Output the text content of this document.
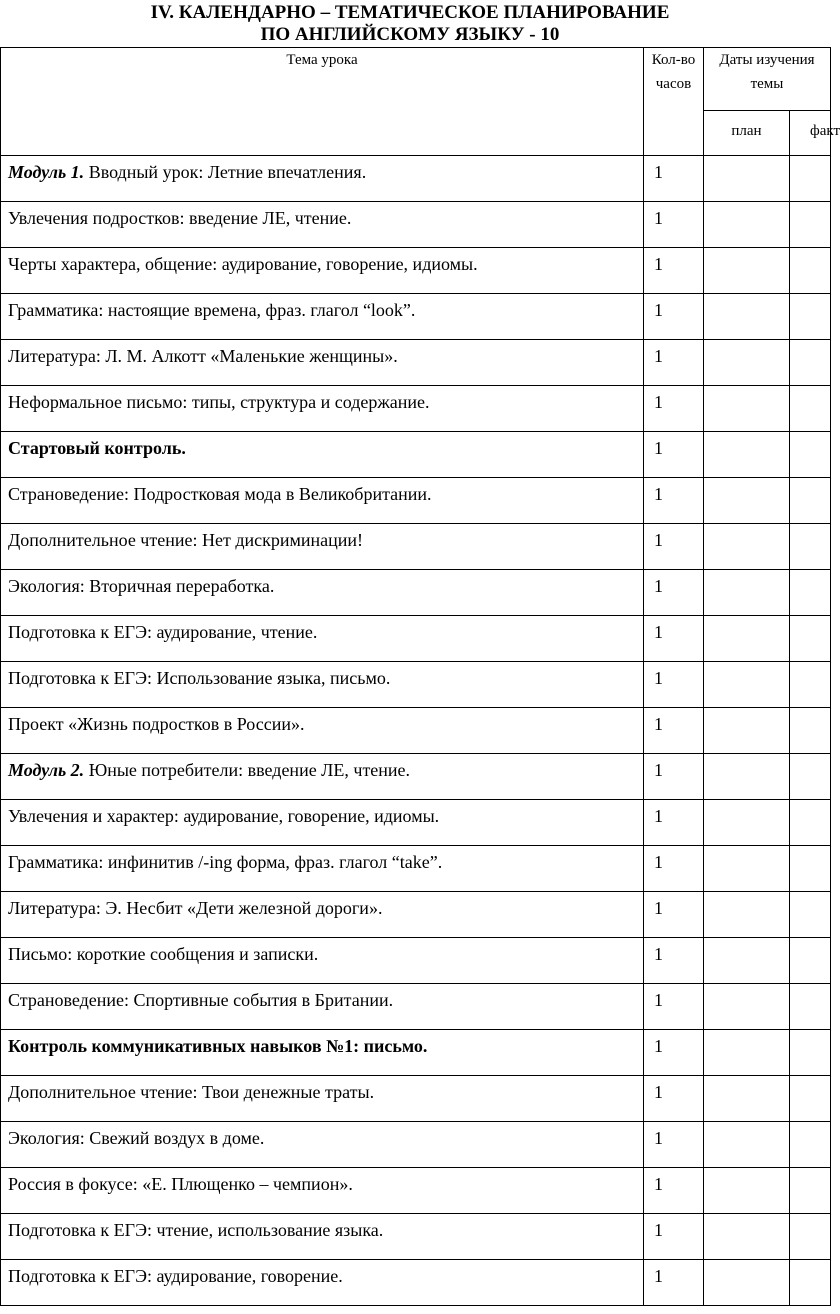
IV. КАЛЕНДАРНО – ТЕМАТИЧЕСКОЕ ПЛАНИРОВАНИЕ
ПО АНГЛИЙСКОМУ ЯЗЫКУ - 10
Тема урока	Кол-во часов	Даты изучения темы	
		план	факт
Модуль 1. Вводный урок: Летние впечатления.	1		
Увлечения подростков: введение ЛЕ, чтение.	1		
Черты характера, общение: аудирование, говорение, идиомы.	1		
Грамматика: настоящие времена, фраз. глагол “look”.	1		
Литература: Л. М. Алкотт «Маленькие женщины».	1		
Неформальное письмо: типы, структура и содержание.	1		
Стартовый контроль.	1		
Страноведение: Подростковая мода в Великобритании.	1		
Дополнительное чтение: Нет дискриминации!	1		
Экология: Вторичная переработка.	1		
Подготовка к ЕГЭ: аудирование, чтение.	1		
Подготовка к ЕГЭ: Использование языка, письмо.	1		
Проект «Жизнь подростков в России».	1		
Модуль 2. Юные потребители: введение ЛЕ, чтение.	1		
Увлечения и характер: аудирование, говорение, идиомы.	1		
Грамматика: инфинитив /-ing форма, фраз. глагол “take”.	1		
Литература: Э. Несбит «Дети железной дороги».	1		
Письмо: короткие сообщения и записки.	1		
Страноведение: Спортивные события в Британии.	1		
Контроль коммуникативных навыков №1: письмо.	1		
Дополнительное чтение: Твои денежные траты.	1		
Экология: Свежий воздух в доме.	1		
Россия в фокусе: «Е. Плющенко – чемпион».	1		
Подготовка к ЕГЭ: чтение, использование языка.	1		
Подготовка к ЕГЭ: аудирование, говорение.	1		
